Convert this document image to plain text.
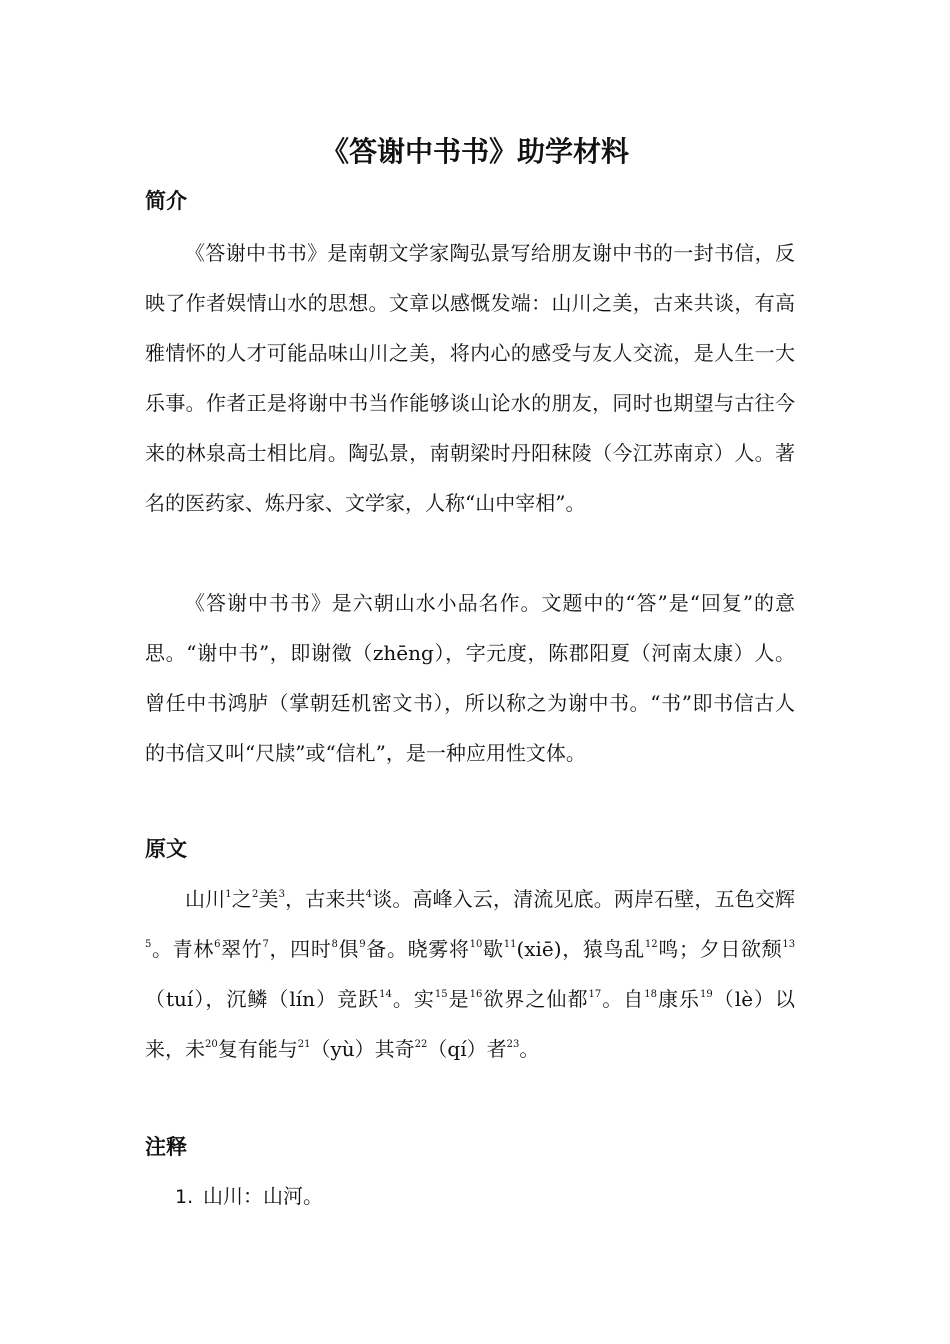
《答谢中书书》助学材料
简介

《答谢中书书》是南朝文学家陶弘景写给朋友谢中书的一封书信，反映了作者娱情山水的思想。文章以感慨发端：山川之美，古来共谈，有高雅情怀的人才可能品味山川之美，将内心的感受与友人交流，是人生一大乐事。作者正是将谢中书当作能够谈山论水的朋友，同时也期望与古往今来的林泉高士相比肩。陶弘景，南朝梁时丹阳秣陵（今江苏南京）人。著名的医药家、炼丹家、文学家，人称“山中宰相”。

《答谢中书书》是六朝山水小品名作。文题中的“答”是“回复”的意思。“谢中书”，即谢徵（zhēng），字元度，陈郡阳夏（河南太康）人。曾任中书鸿胪（掌朝廷机密文书），所以称之为谢中书。“书”即书信古人的书信又叫“尺牍”或“信札”，是一种应用性文体。

原文

山川$^1$之$^2$美$^3$，古来共$^4$谈。高峰入云，清流见底。两岸石壁，五色交辉$^5$。青林$^6$翠竹$^7$，四时$^8$俱$^9$备。晓雾将$^{10}$歇$^{11}$(xiē)，猿鸟乱$^{12}$鸣；夕日欲颓$^{13}$（tuí），沉鳞（lín）竞跃$^{14}$。实$^{15}$是$^{16}$欲界之仙都$^{17}$。自$^{18}$康乐$^{19}$（lè）以来，未$^{20}$复有能与$^{21}$（yù）其奇$^{22}$（qí）者$^{23}$。

注释
1. 山川：山河。
